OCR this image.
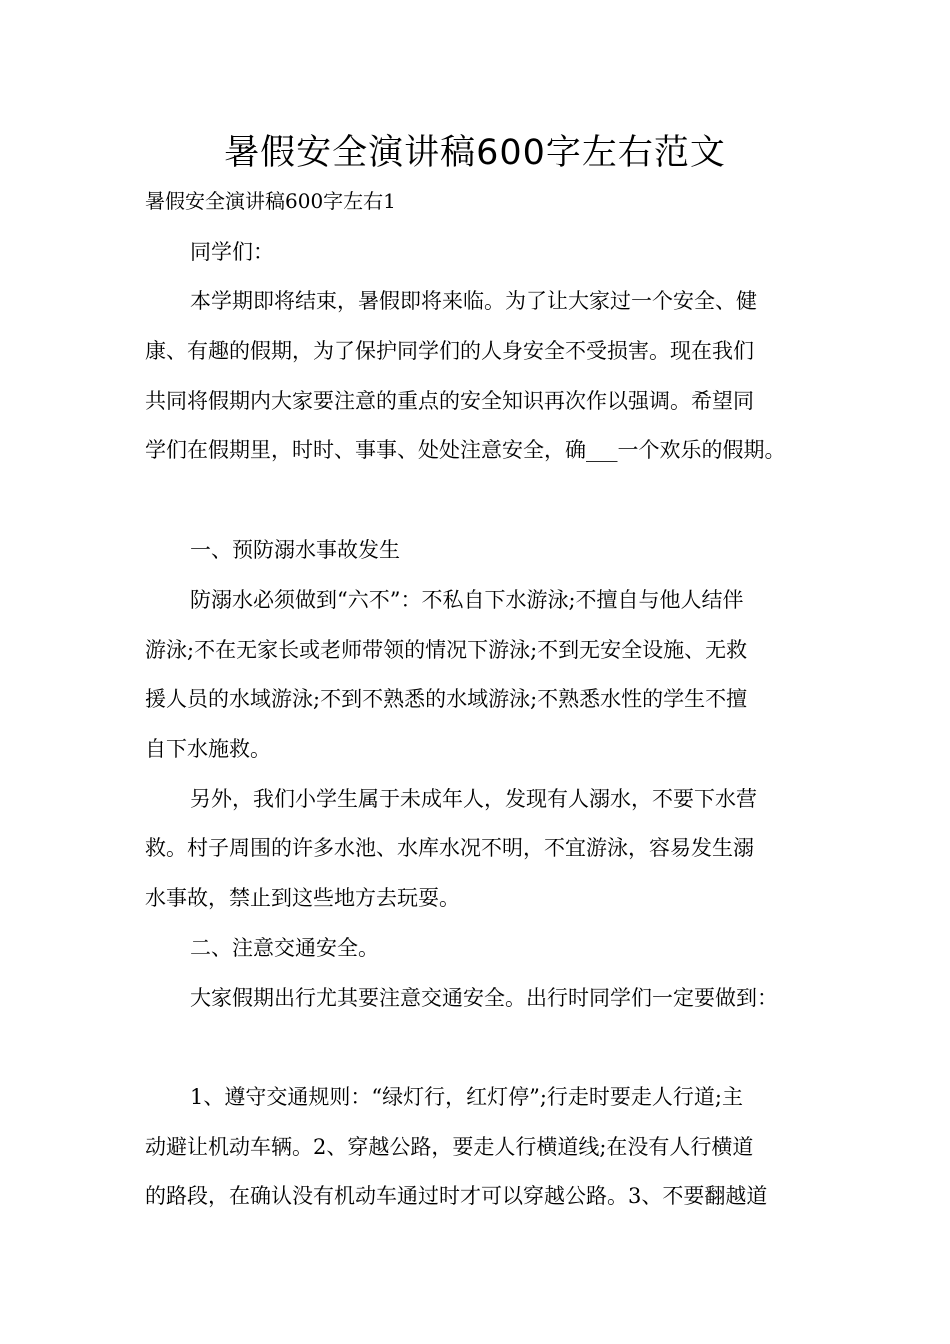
暑假安全演讲稿600字左右范文
暑假安全演讲稿600字左右1
同学们：
本学期即将结束，暑假即将来临。为了让大家过一个安全、健
康、有趣的假期，为了保护同学们的人身安全不受损害。现在我们
共同将假期内大家要注意的重点的安全知识再次作以强调。希望同
学们在假期里，时时、事事、处处注意安全，确___一个欢乐的假期。
一、预防溺水事故发生
防溺水必须做到“六不”：不私自下水游泳;不擅自与他人结伴
游泳;不在无家长或老师带领的情况下游泳;不到无安全设施、无救
援人员的水域游泳;不到不熟悉的水域游泳;不熟悉水性的学生不擅
自下水施救。
另外，我们小学生属于未成年人，发现有人溺水，不要下水营
救。村子周围的许多水池、水库水况不明，不宜游泳，容易发生溺
水事故，禁止到这些地方去玩耍。
二、注意交通安全。
大家假期出行尤其要注意交通安全。出行时同学们一定要做到：
1、遵守交通规则：“绿灯行，红灯停”;行走时要走人行道;主
动避让机动车辆。2、穿越公路，要走人行横道线;在没有人行横道
的路段，在确认没有机动车通过时才可以穿越公路。3、不要翻越道
